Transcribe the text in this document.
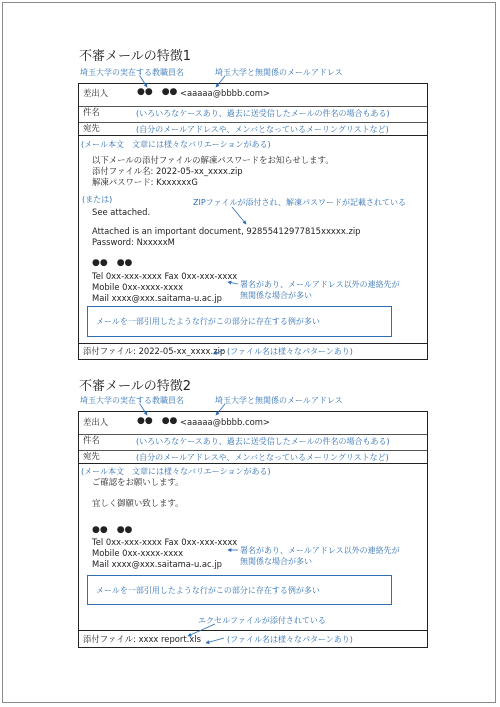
不審メールの特徴1
埼玉大学の実在する教職員名	埼玉大学と無関係のメールアドレス
差出人	●●　●● <aaaaa@bbbb.com>
件名	(いろいろなケースあり、過去に送受信したメールの件名の場合もある)
宛先	(自分のメールアドレスや、メンバとなっているメーリングリストなど)
(メール本文　文章には様々なバリエーションがある)
以下メールの添付ファイルの解凍パスワードをお知らせします。
添付ファイル名: 2022-05-xx_xxxx.zip
解凍パスワード: KxxxxxxG
(または)
See attached.
ZIPファイルが添付され、解凍パスワードが記載されている
Attached is an important document, 92855412977815xxxxx.zip
Password: NxxxxxM
●●　●●
Tel 0xx-xxx-xxxx Fax 0xx-xxx-xxxx
Mobile 0xx-xxxx-xxxx
Mail xxxx@xxx.saitama-u.ac.jp
署名があり、メールアドレス以外の連絡先が
無関係な場合が多い
メールを一部引用したような行がこの部分に存在する例が多い
添付ファイル: 2022-05-xx_xxxx.zip (ファイル名は様々なパターンあり)
不審メールの特徴2
埼玉大学の実在する教職員名	埼玉大学と無関係のメールアドレス
差出人	●●　●● <aaaaa@bbbb.com>
件名	(いろいろなケースあり、過去に送受信したメールの件名の場合もある)
宛先	(自分のメールアドレスや、メンバとなっているメーリングリストなど)
(メール本文　文章には様々なバリエーションがある)
ご確認をお願いします。
宜しく御願い致します。
●●　●●
Tel 0xx-xxx-xxxx Fax 0xx-xxx-xxxx
Mobile 0xx-xxxx-xxxx
Mail xxxx@xxx.saitama-u.ac.jp
署名があり、メールアドレス以外の連絡先が
無関係な場合が多い
メールを一部引用したような行がこの部分に存在する例が多い
エクセルファイルが添付されている
添付ファイル: xxxx report.xls	(ファイル名は様々なパターンあり)
